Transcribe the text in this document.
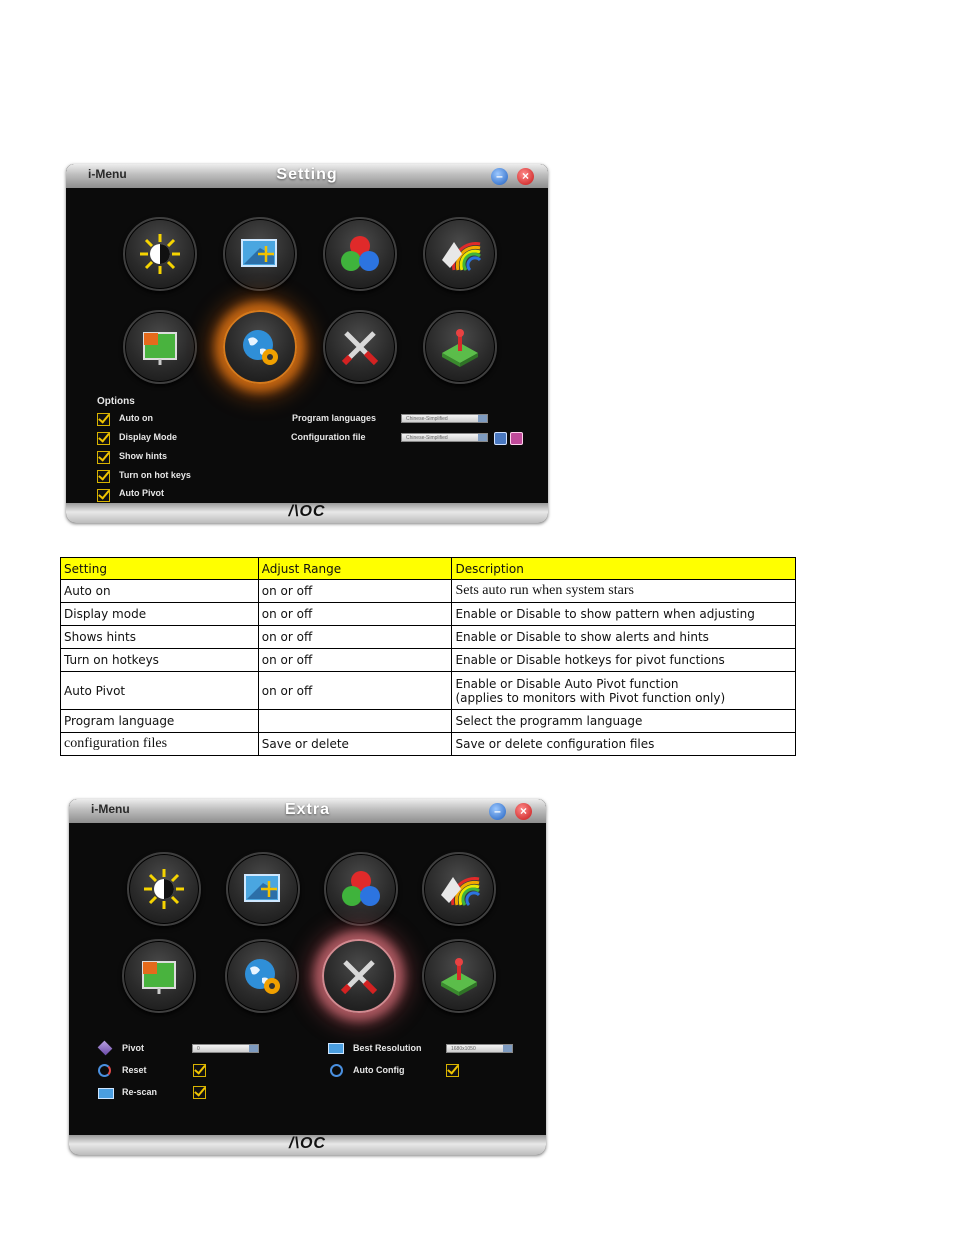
i-Menu	Setting	–	×
Options
Auto on
Display Mode
Show hints
Turn on hot keys
Auto Pivot
Program languages	Chinese-Simplified
Configuration file	Chinese-Simplified
/\OC
Setting	Adjust Range	Description
Auto on	on or off	Sets auto run when system stars
Display mode	on or off	Enable or Disable to show pattern when adjusting
Shows hints	on or off	Enable or Disable to show alerts and hints
Turn on hotkeys	on or off	Enable or Disable hotkeys for pivot functions
Auto Pivot	on or off	Enable or Disable Auto Pivot function
(applies to monitors with Pivot function only)

Program language		Select the programm language
configuration files	Save or delete	Save or delete configuration files
i-Menu	Extra	–	×
Pivot	0
Reset
Re-scan
Best Resolution	1680x1050
Auto Config
/\OC
